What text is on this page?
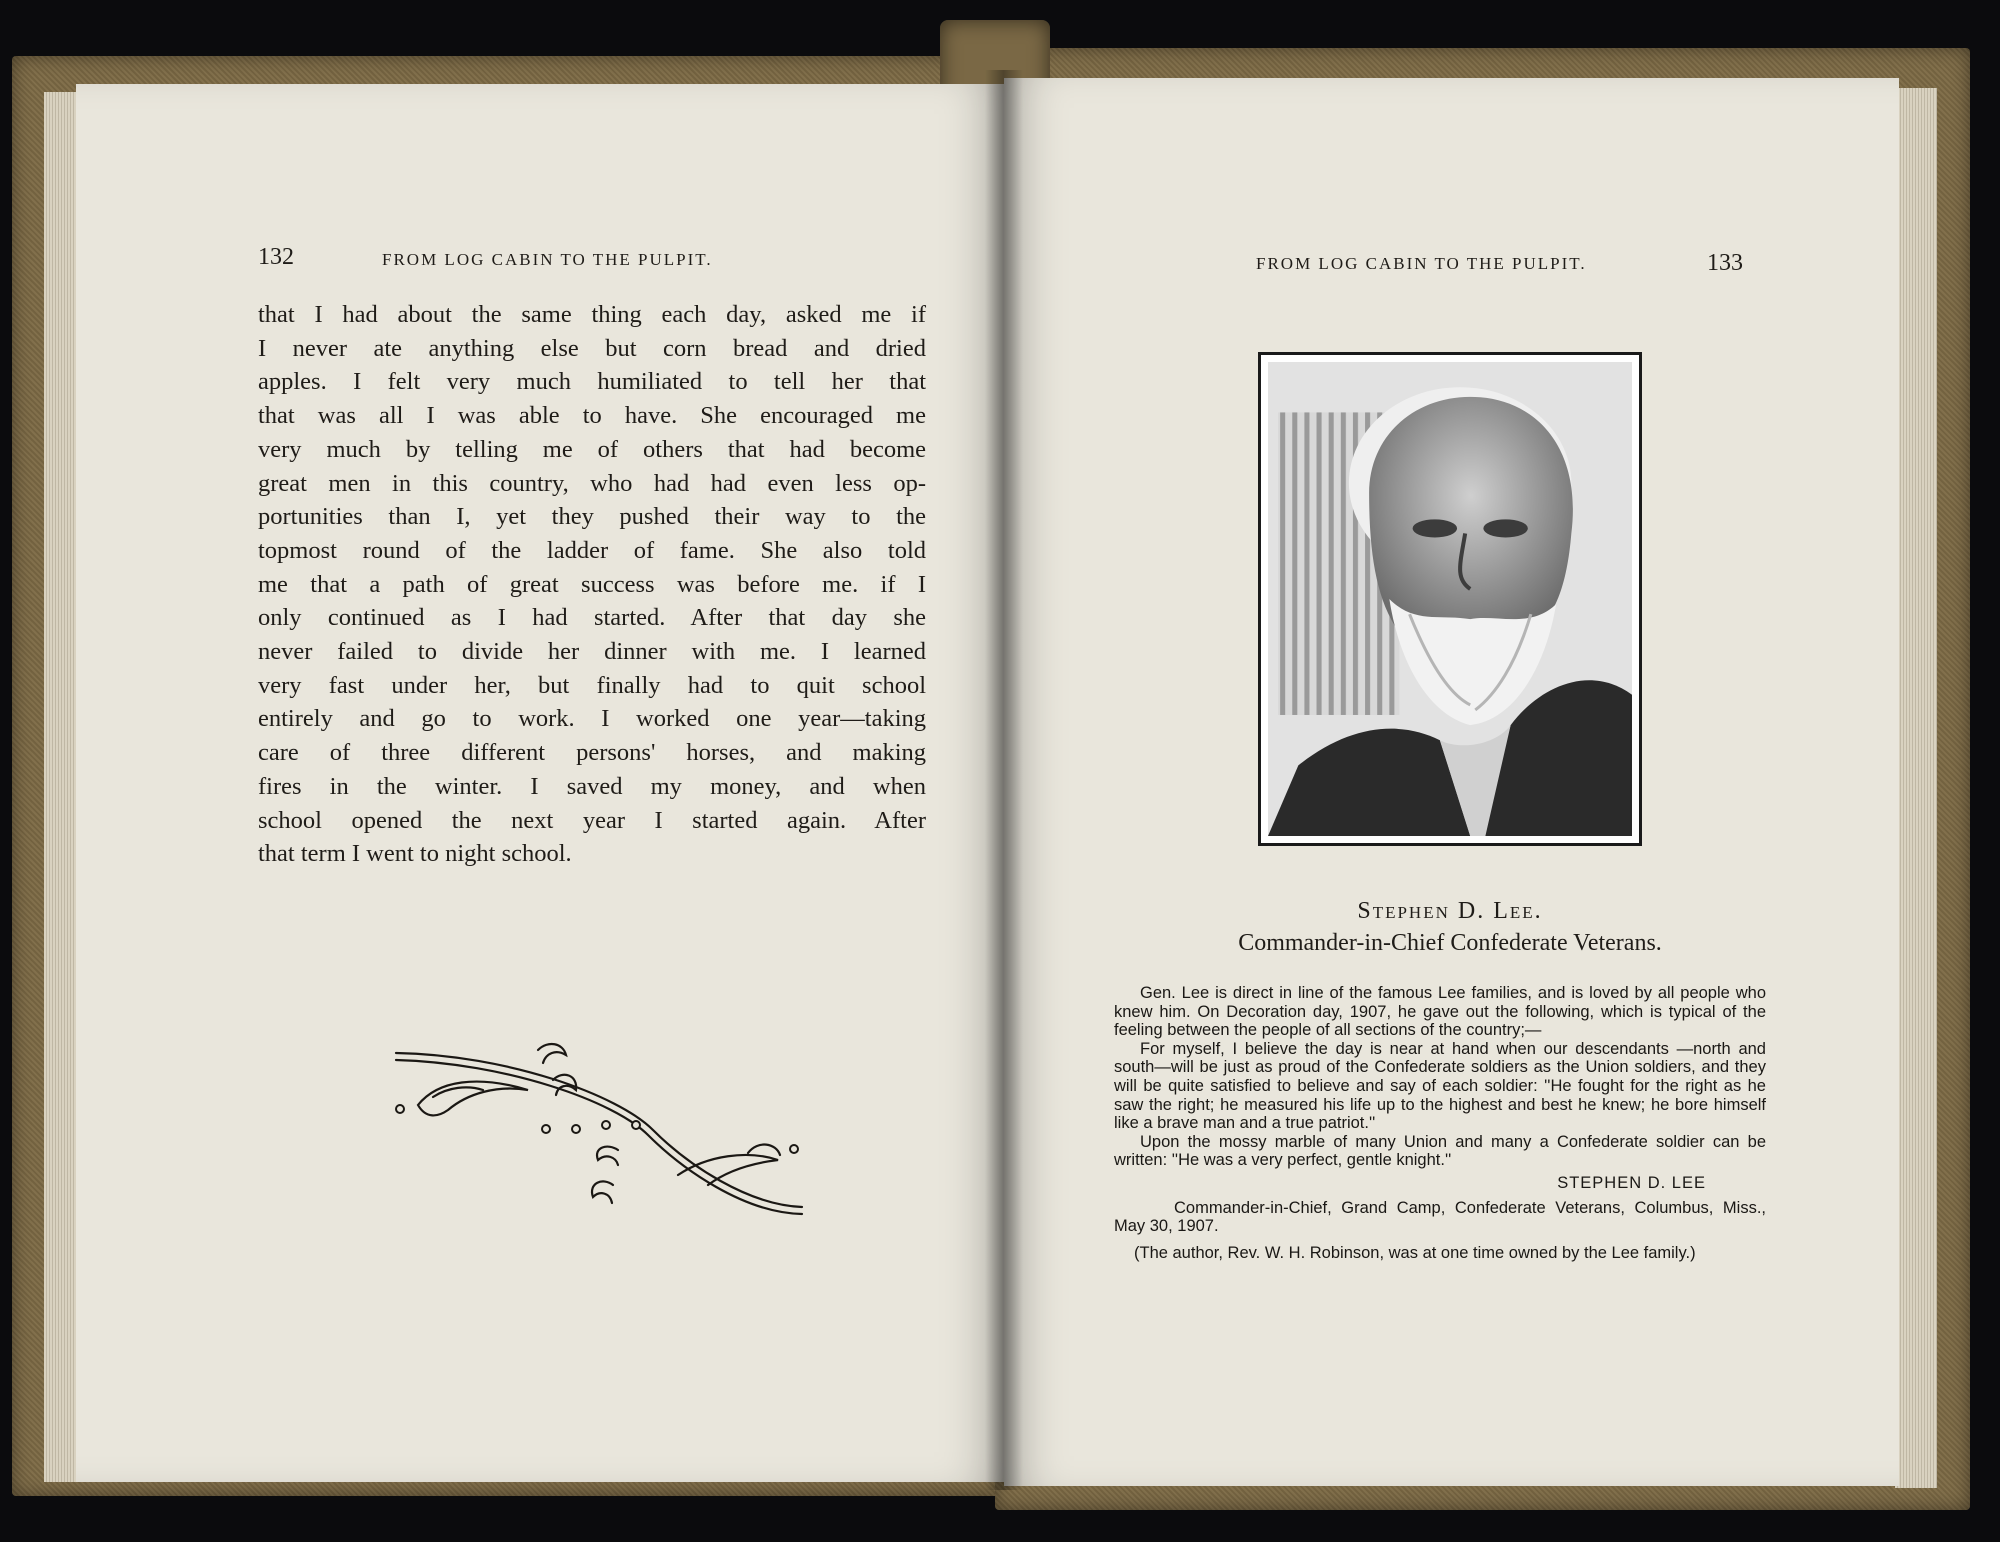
132	FROM LOG CABIN TO THE PULPIT.	FROM LOG CABIN TO THE PULPIT.	133
that I had about the same thing each day, asked me if
I never ate anything else but corn bread and dried
apples. I felt very much humiliated to tell her that
that was all I was able to have. She encouraged me
very much by telling me of others that had become
great men in this country, who had had even less op-
portunities than I, yet they pushed their way to the
topmost round of the ladder of fame. She also told
me that a path of great success was before me. if I
only continued as I had started. After that day she
never failed to divide her dinner with me. I learned
very fast under her, but finally had to quit school
entirely and go to work. I worked one year—taking
care of three different persons' horses, and making
fires in the winter. I saved my money, and when
school opened the next year I started again. After
that term I went to night school.
Stephen D. Lee.
Commander-in-Chief Confederate Veterans.

Gen. Lee is direct in line of the famous Lee families, and is loved by all people who knew him. On Decoration day, 1907, he gave out the following, which is typical of the feeling between the people of all sections of the country;—

For myself, I believe the day is near at hand when our descendants —north and south—will be just as proud of the Confederate soldiers as the Union soldiers, and they will be quite satisfied to believe and say of each soldier: ''He fought for the right as he saw the right; he measured his life up to the highest and best he knew; he bore himself like a brave man and a true patriot.''

Upon the mossy marble of many Union and many a Confederate soldier can be written: ''He was a very perfect, gentle knight.''

STEPHEN D. LEE

Commander-in-Chief, Grand Camp, Confederate Veterans, Columbus, Miss., May 30, 1907.

(The author, Rev. W. H. Robinson, was at one time owned by the Lee family.)
